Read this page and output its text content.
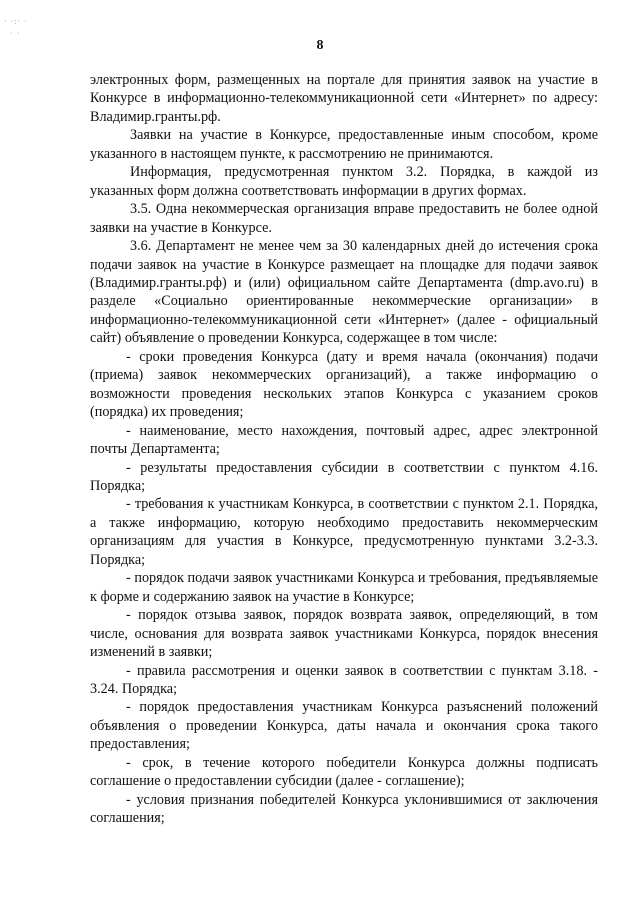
· ·:· ·
· ·
8

электронных форм, размещенных на портале для принятия заявок на участие в Конкурсе в информационно-телекоммуникационной сети «Интернет» по адресу: Владимир.гранты.рф.

Заявки на участие в Конкурсе, предоставленные иным способом, кроме указанного в настоящем пункте, к рассмотрению не принимаются.

Информация, предусмотренная пунктом 3.2. Порядка, в каждой из указанных форм должна соответствовать информации в других формах.

3.5. Одна некоммерческая организация вправе предоставить не более одной заявки на участие в Конкурсе.

3.6. Департамент не менее чем за 30 календарных дней до истечения срока подачи заявок на участие в Конкурсе размещает на площадке для подачи заявок (Владимир.гранты.рф) и (или) официальном сайте Департамента (dmp.avo.ru) в разделе «Социально ориентированные некоммерческие организации» в информационно-телекоммуникационной сети «Интернет» (далее - официальный сайт) объявление о проведении Конкурса, содержащее в том числе:

- сроки проведения Конкурса (дату и время начала (окончания) подачи (приема) заявок некоммерческих организаций), а также информацию о возможности проведения нескольких этапов Конкурса с указанием сроков (порядка) их проведения;

- наименование, место нахождения, почтовый адрес, адрес электронной почты Департамента;

- результаты предоставления субсидии в соответствии с пунктом 4.16. Порядка;

- требования к участникам Конкурса, в соответствии с пунктом 2.1. Порядка, а также информацию, которую необходимо предоставить некоммерческим организациям для участия в Конкурсе, предусмотренную пунктами 3.2-3.3. Порядка;

- порядок подачи заявок участниками Конкурса и требования, предъявляемые к форме и содержанию заявок на участие в Конкурсе;

- порядок отзыва заявок, порядок возврата заявок, определяющий, в том числе, основания для возврата заявок участниками Конкурса, порядок внесения изменений в заявки;

- правила рассмотрения и оценки заявок в соответствии с пунктам 3.18. - 3.24. Порядка;

- порядок предоставления участникам Конкурса разъяснений положений объявления о проведении Конкурса, даты начала и окончания срока такого предоставления;

- срок, в течение которого победители Конкурса должны подписать соглашение о предоставлении субсидии (далее - соглашение);

- условия признания победителей Конкурса уклонившимися от заключения соглашения;
